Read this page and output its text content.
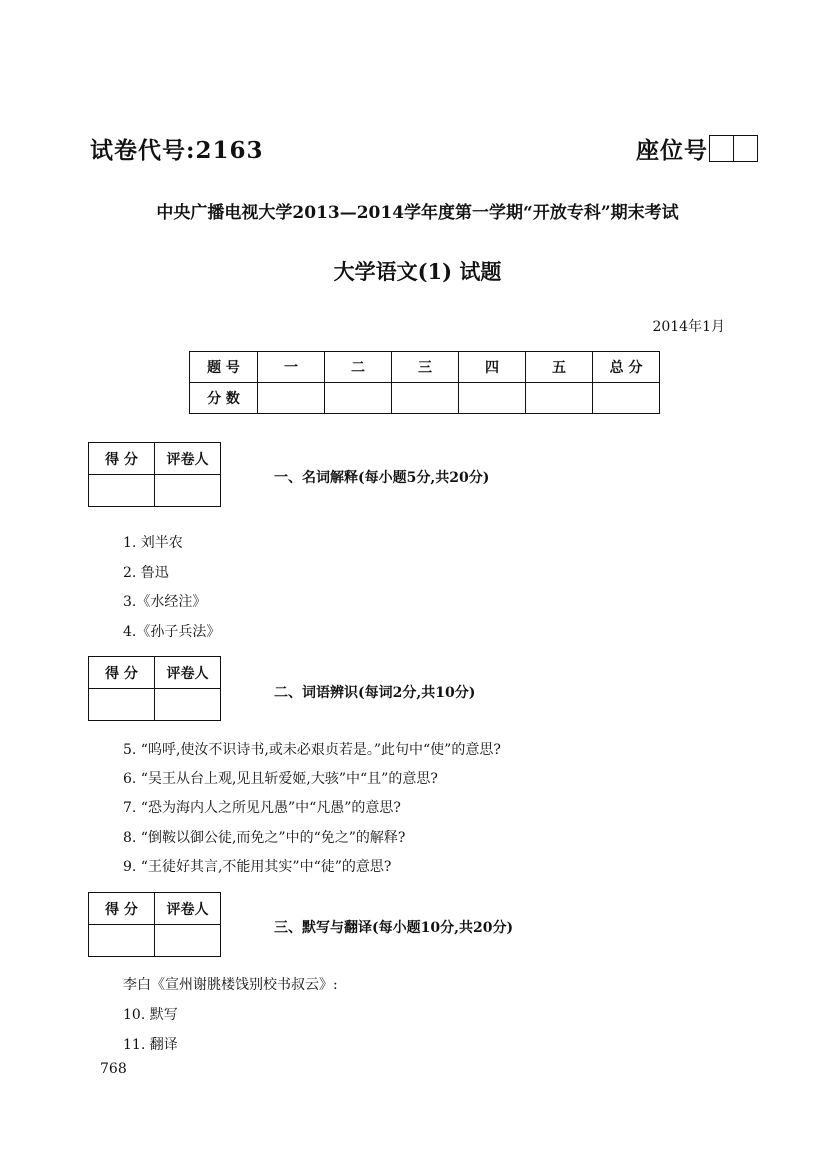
试卷代号:2163	座位号
中央广播电视大学2013—2014学年度第一学期“开放专科”期末考试
大学语文(1) 试题
2014年1月
题 号	一	二	三	四	五	总 分
分 数						
得 分	评卷人

一、名词解释(每小题5分,共20分)
1. 刘半农
2. 鲁迅
3.《水经注》
4.《孙子兵法》
得 分	评卷人

二、词语辨识(每词2分,共10分)
5. “呜呼,使汝不识诗书,或未必艰贞若是。”此句中“使”的意思?
6. “吴王从台上观,见且斩爱姬,大骇”中“且”的意思?
7. “恐为海内人之所见凡愚”中“凡愚”的意思?
8. “倒鞍以御公徒,而免之”中的“免之”的解释?
9. “王徒好其言,不能用其实”中“徒”的意思?
得 分	评卷人

三、默写与翻译(每小题10分,共20分)
李白《宣州谢朓楼饯别校书叔云》:
10. 默写
11. 翻译
768
